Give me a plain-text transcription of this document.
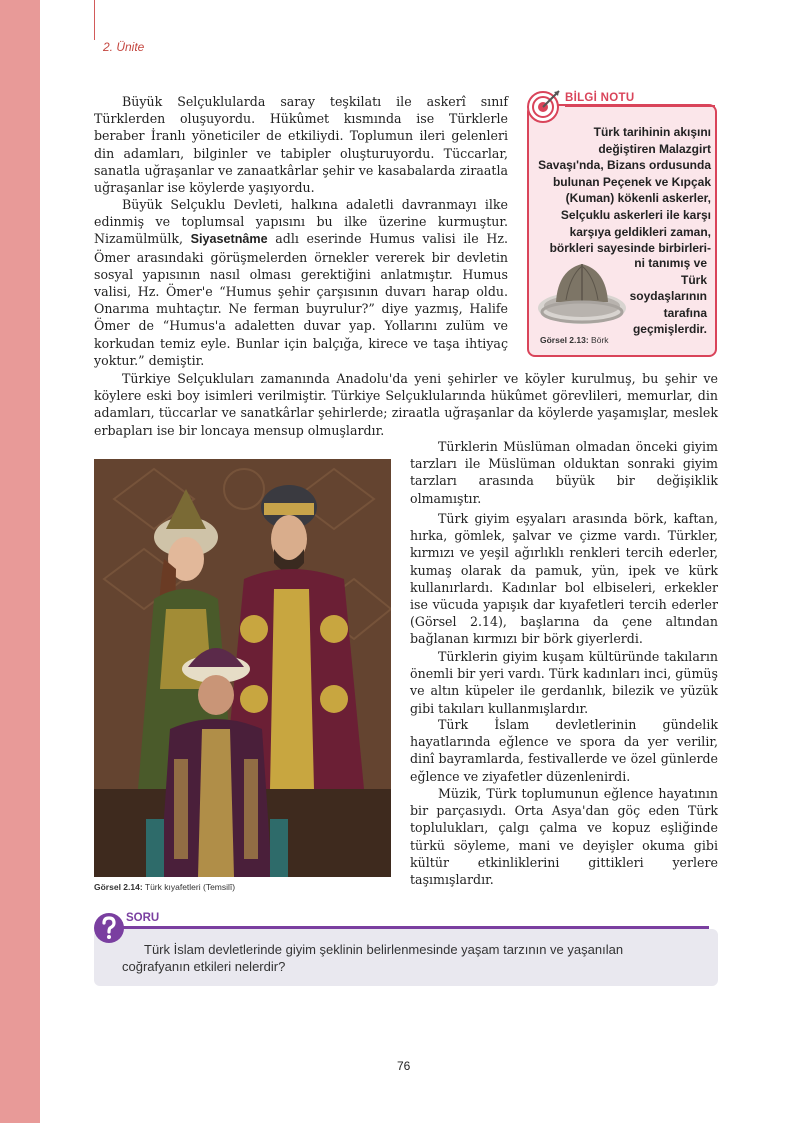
2. Ünite

Büyük Selçuklularda saray teşkilatı ile askerî sınıf Türklerden oluşuyordu. Hükûmet kısmında ise Türklerle beraber İranlı yöneticiler de etkiliydi. Toplumun ileri gelenleri din adamları, bilginler ve tabipler oluşturuyordu. Tüccarlar, sanatla uğraşanlar ve zanaatkârlar şehir ve kasabalarda ziraatla uğraşanlar ise köylerde yaşıyordu.

Büyük Selçuklu Devleti, halkına adaletli davranmayı ilke edinmiş ve toplumsal yapısını bu ilke üzerine kurmuştur. Nizamülmülk, Siyasetnâme adlı eserinde Humus valisi ile Hz. Ömer arasındaki görüşmelerden örnekler vererek bir devletin sosyal yapısının nasıl olması gerektiğini anlatmıştır. Humus valisi, Hz. Ömer'e “Humus şehir çarşısının duvarı harap oldu. Onarıma muhtaçtır. Ne ferman buyrulur?” diye yazmış, Halife Ömer de “Humus'a adaletten duvar yap. Yollarını zulüm ve korkudan temiz eyle. Bunlar için balçığa, kirece ve taşa ihtiyaç yoktur.” demiştir.

Türkiye Selçukluları zamanında Anadolu'da yeni şehirler ve köyler kurulmuş, bu şehir ve köylere eski boy isimleri verilmiştir. Türkiye Selçuklularında hükûmet görevlileri, memurlar, din adamları, tüccarlar ve sanatkârlar şehirlerde; ziraatla uğraşanlar da köylerde yaşamışlar, meslek erbapları ise bir loncaya mensup olmuşlardır.

Türklerin Müslüman olmadan önceki giyim tarzları ile Müslüman olduktan sonraki giyim tarzları arasında büyük bir değişiklik olmamıştır.

Türk giyim eşyaları arasında börk, kaftan, hırka, gömlek, şalvar ve çizme vardı. Türkler, kırmızı ve yeşil ağırlıklı renkleri tercih ederler, kumaş olarak da pamuk, yün, ipek ve kürk kullanırlardı. Kadınlar bol elbiseleri, erkekler ise vücuda yapışık dar kıyafetleri tercih ederler (Görsel 2.14), başlarına da çene altından bağlanan kırmızı bir börk giyerlerdi.

Türklerin giyim kuşam kültüründe takıların önemli bir yeri vardı. Türk kadınları inci, gümüş ve altın küpeler ile gerdanlık, bilezik ve yüzük gibi takıları kullanmışlardır.

Türk İslam devletlerinin gündelik hayatlarında eğlence ve spora da yer verilir, dinî bayramlarda, festivallerde ve özel günlerde eğlence ve ziyafetler düzenlenirdi.

Müzik, Türk toplumunun eğlence hayatının bir parçasıydı. Orta Asya'dan göç eden Türk toplulukları, çalgı çalma ve kopuz eşliğinde türkü söyleme, mani ve deyişler okuma gibi kültür etkinliklerini gittikleri yerlere taşımışlardır.

BİLGİ NOTU

Türk tarihinin akışını değiştiren Malazgirt Savaşı'nda, Bizans ordusunda bulunan Peçenek ve Kıpçak (Kuman) kökenli askerler, Selçuklu askerleri ile karşı karşıya geldikleri zaman, börkleri sayesinde birbirleri-

ni tanımış ve Türk soydaşlarının tarafına geçmişlerdir.

Görsel 2.13: Börk
Görsel 2.14: Türk kıyafetleri (Temsilî)
SORU

Türk İslam devletlerinde giyim şeklinin belirlenmesinde yaşam tarzının ve yaşanılan

coğrafyanın etkileri nelerdir?
76
